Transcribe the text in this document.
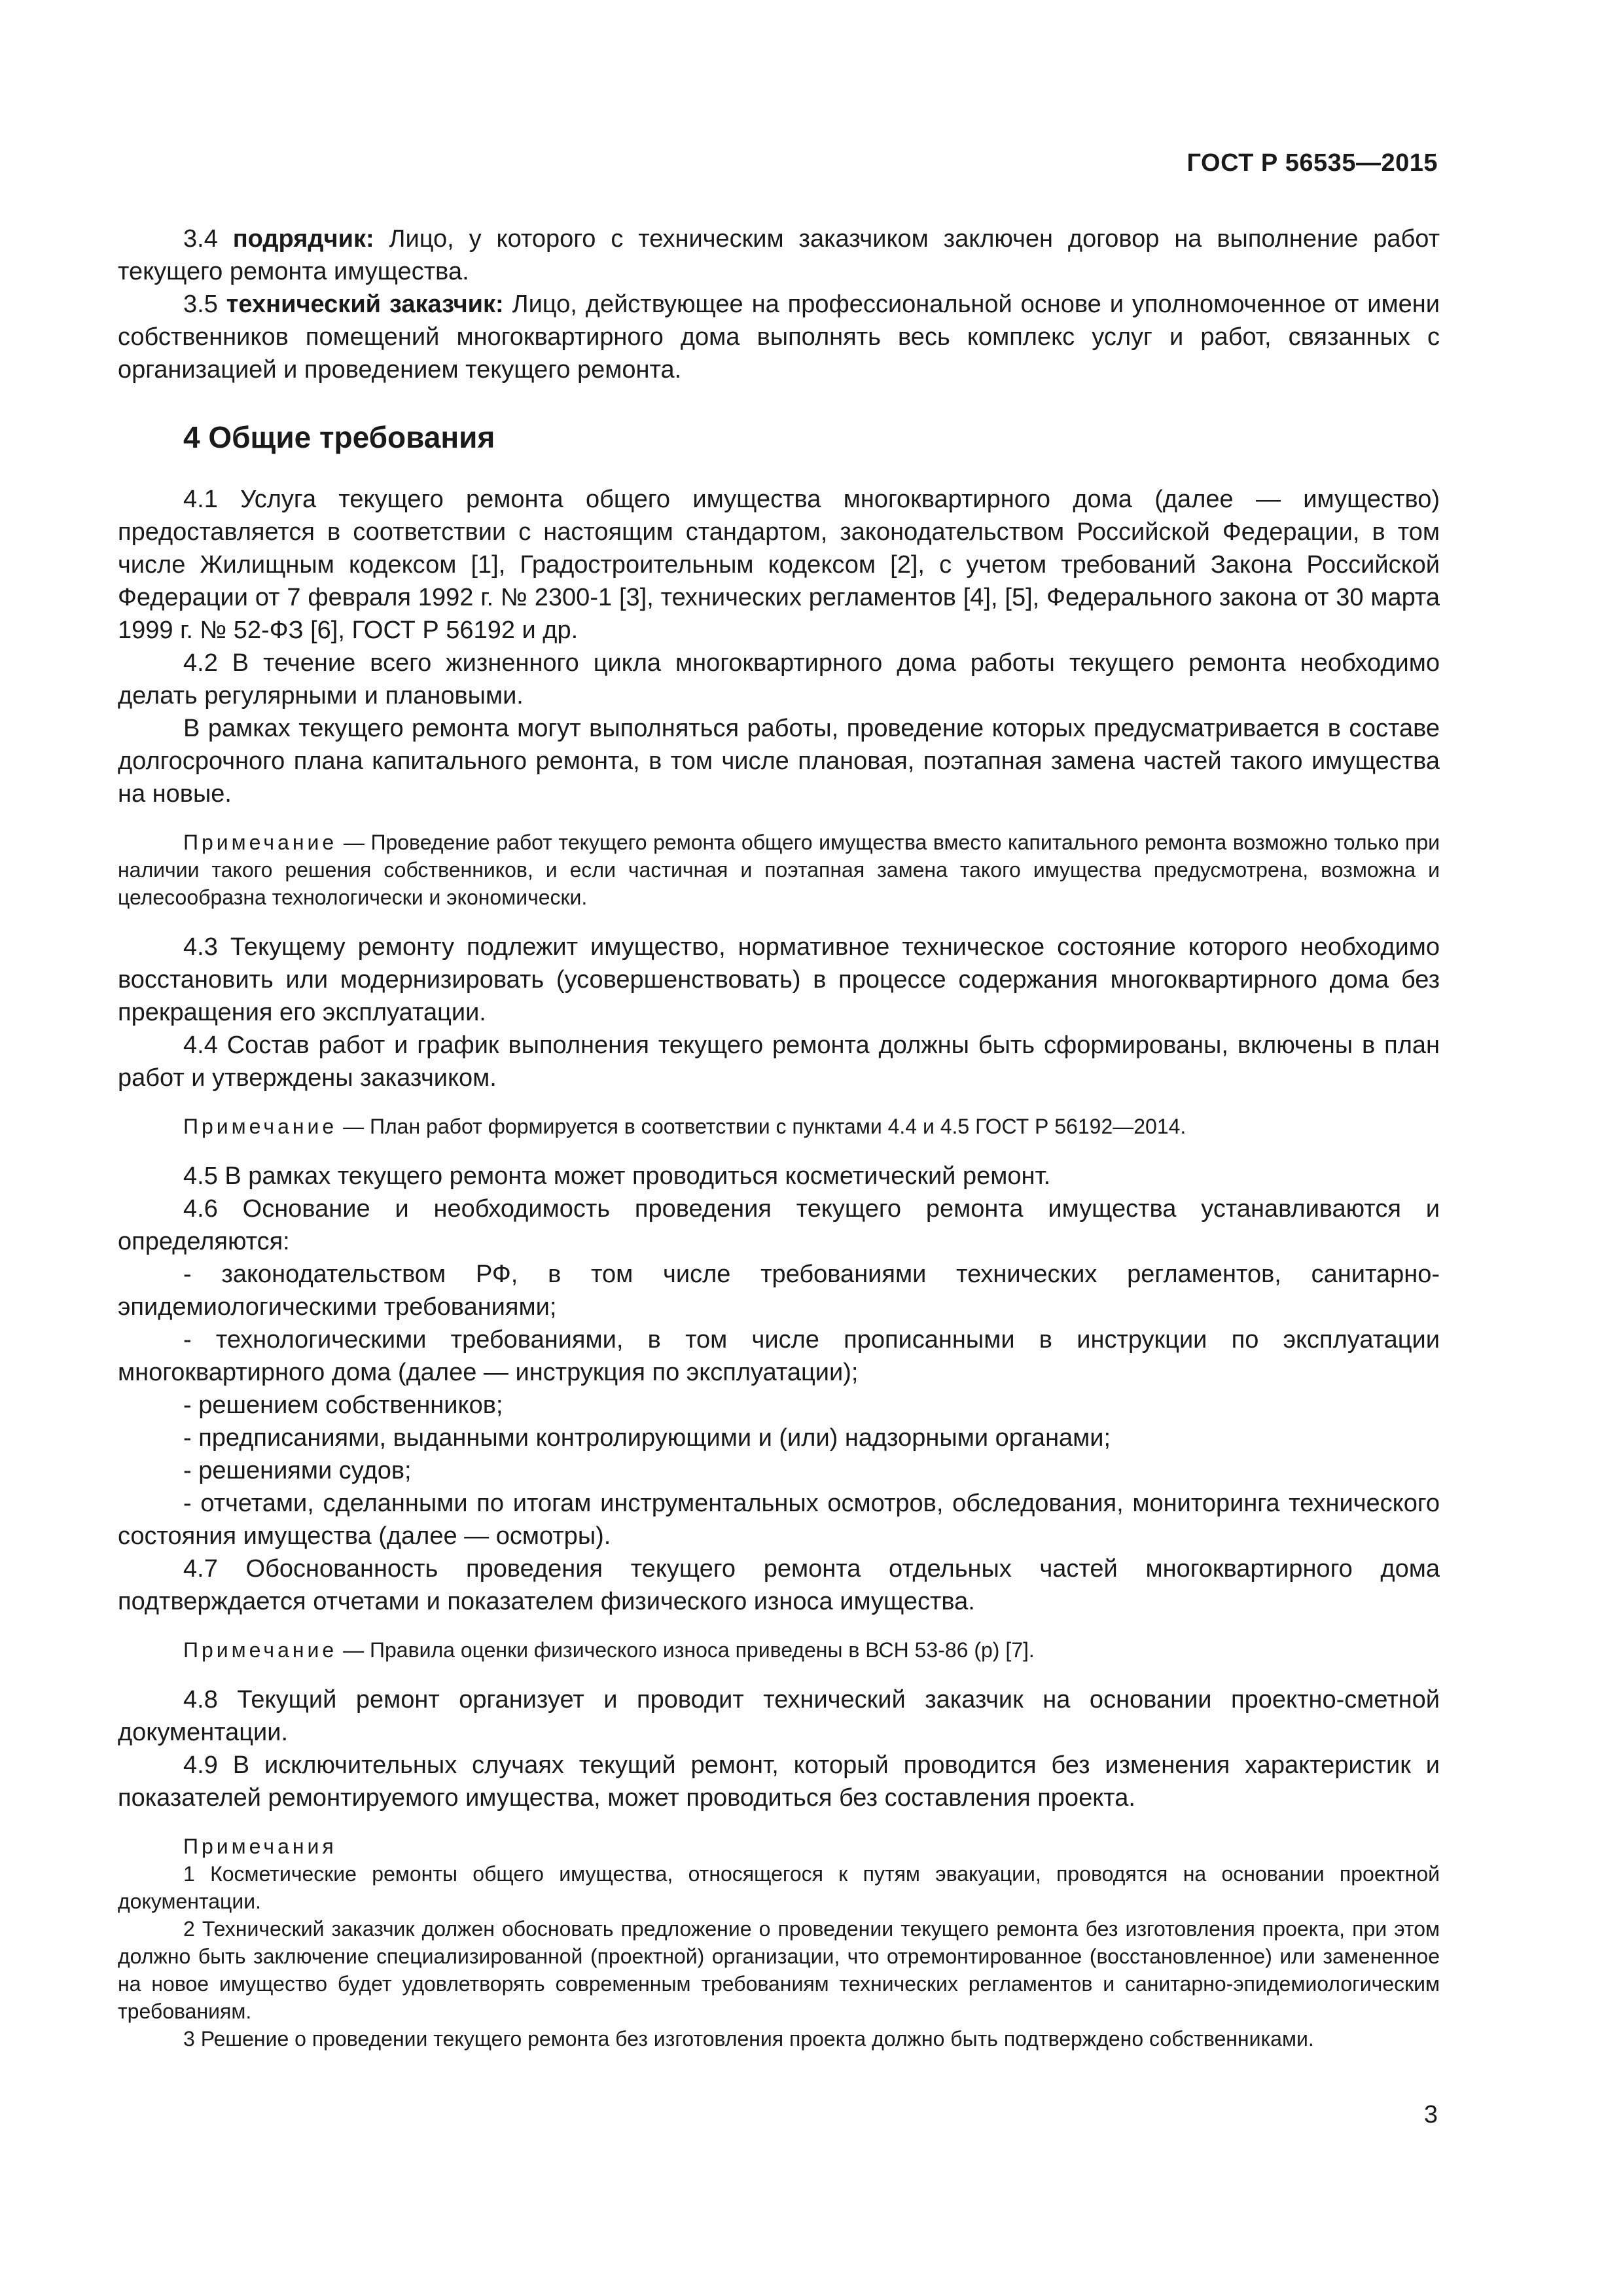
ГОСТ Р 56535—2015

3.4 подрядчик: Лицо, у которого с техническим заказчиком заключен договор на выполнение работ текущего ремонта имущества.

3.5 технический заказчик: Лицо, действующее на профессиональной основе и уполномоченное от имени собственников помещений многоквартирного дома выполнять весь комплекс услуг и работ, связанных с организацией и проведением текущего ремонта.

4 Общие требования

4.1 Услуга текущего ремонта общего имущества многоквартирного дома (далее — имущество) предоставляется в соответствии с настоящим стандартом, законодательством Российской Федерации, в том числе Жилищным кодексом [1], Градостроительным кодексом [2], с учетом требований Закона Российской Федерации от 7 февраля 1992 г. № 2300-1 [3], технических регламентов [4], [5], Федерального закона от 30 марта 1999 г. № 52-ФЗ [6], ГОСТ Р 56192 и др.

4.2 В течение всего жизненного цикла многоквартирного дома работы текущего ремонта необходимо делать регулярными и плановыми.

В рамках текущего ремонта могут выполняться работы, проведение которых предусматривается в составе долгосрочного плана капитального ремонта, в том числе плановая, поэтапная замена частей такого имущества на новые.

Примечание — Проведение работ текущего ремонта общего имущества вместо капитального ремонта возможно только при наличии такого решения собственников, и если частичная и поэтапная замена такого имущества предусмотрена, возможна и целесообразна технологически и экономически.

4.3 Текущему ремонту подлежит имущество, нормативное техническое состояние которого необходимо восстановить или модернизировать (усовершенствовать) в процессе содержания многоквартирного дома без прекращения его эксплуатации.

4.4 Состав работ и график выполнения текущего ремонта должны быть сформированы, включены в план работ и утверждены заказчиком.

Примечание — План работ формируется в соответствии с пунктами 4.4 и 4.5 ГОСТ Р 56192—2014.

4.5 В рамках текущего ремонта может проводиться косметический ремонт.

4.6 Основание и необходимость проведения текущего ремонта имущества устанавливаются и определяются:

- законодательством РФ, в том числе требованиями технических регламентов, санитарно-эпидемиологическими требованиями;

- технологическими требованиями, в том числе прописанными в инструкции по эксплуатации многоквартирного дома (далее — инструкция по эксплуатации);

- решением собственников;

- предписаниями, выданными контролирующими и (или) надзорными органами;

- решениями судов;

- отчетами, сделанными по итогам инструментальных осмотров, обследования, мониторинга технического состояния имущества (далее — осмотры).

4.7 Обоснованность проведения текущего ремонта отдельных частей многоквартирного дома подтверждается отчетами и показателем физического износа имущества.

Примечание — Правила оценки физического износа приведены в ВСН 53-86 (р) [7].

4.8 Текущий ремонт организует и проводит технический заказчик на основании проектно-сметной документации.

4.9 В исключительных случаях текущий ремонт, который проводится без изменения характеристик и показателей ремонтируемого имущества, может проводиться без составления проекта.

Примечания

1 Косметические ремонты общего имущества, относящегося к путям эвакуации, проводятся на основании проектной документации.

2 Технический заказчик должен обосновать предложение о проведении текущего ремонта без изготовления проекта, при этом должно быть заключение специализированной (проектной) организации, что отремонтированное (восстановленное) или замененное на новое имущество будет удовлетворять современным требованиям технических регламентов и санитарно-эпидемиологическим требованиям.

3 Решение о проведении текущего ремонта без изготовления проекта должно быть подтверждено собственниками.

3
